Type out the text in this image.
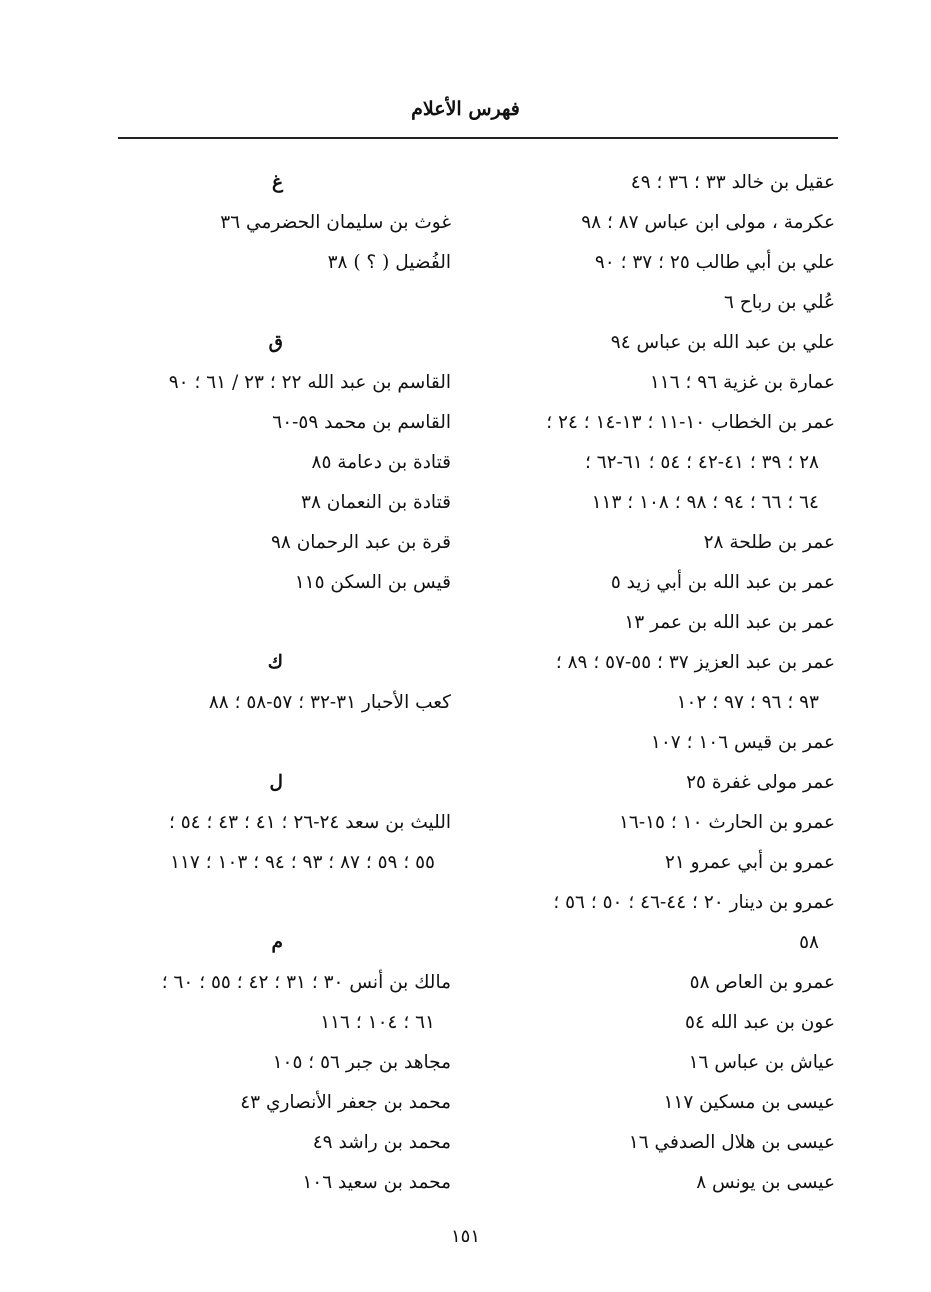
فهرس الأعلام
عقيل بن خالد ٣٣ ؛ ٣٦ ؛ ٤٩
عكرمة ، مولى ابن عباس ٨٧ ؛ ٩٨
علي بن أبي طالب ٢٥ ؛ ٣٧ ؛ ٩٠
عُلي بن رباح ٦
علي بن عبد الله بن عباس ٩٤
عمارة بن غزية ٩٦ ؛ ١١٦
عمر بن الخطاب ١٠-١١ ؛ ١٣-١٤ ؛ ٢٤ ؛
٢٨ ؛ ٣٩ ؛ ٤١-٤٢ ؛ ٥٤ ؛ ٦١-٦٢ ؛
٦٤ ؛ ٦٦ ؛ ٩٤ ؛ ٩٨ ؛ ١٠٨ ؛ ١١٣
عمر بن طلحة ٢٨
عمر بن عبد الله بن أبي زيد ٥
عمر بن عبد الله بن عمر ١٣
عمر بن عبد العزيز ٣٧ ؛ ٥٥-٥٧ ؛ ٨٩ ؛
٩٣ ؛ ٩٦ ؛ ٩٧ ؛ ١٠٢
عمر بن قيس ١٠٦ ؛ ١٠٧
عمر مولى غفرة ٢٥
عمرو بن الحارث ١٠ ؛ ١٥-١٦
عمرو بن أبي عمرو ٢١
عمرو بن دينار ٢٠ ؛ ٤٤-٤٦ ؛ ٥٠ ؛ ٥٦ ؛
٥٨
عمرو بن العاص ٥٨
عون بن عبد الله ٥٤
عياش بن عباس ١٦
عيسى بن مسكين ١١٧
عيسى بن هلال الصدفي ١٦
عيسى بن يونس ٨
غ
غوث بن سليمان الحضرمي ٣٦
الفُضيل ( ؟ ) ٣٨
ق
القاسم بن عبد الله ٢٢ ؛ ٢٣ / ٦١ ؛ ٩٠
القاسم بن محمد ٥٩-٦٠
قتادة بن دعامة ٨٥
قتادة بن النعمان ٣٨
قرة بن عبد الرحمان ٩٨
قيس بن السكن ١١٥
ك
كعب الأحبار ٣١-٣٢ ؛ ٥٧-٥٨ ؛ ٨٨
ل
الليث بن سعد ٢٤-٢٦ ؛ ٤١ ؛ ٤٣ ؛ ٥٤ ؛
٥٥ ؛ ٥٩ ؛ ٨٧ ؛ ٩٣ ؛ ٩٤ ؛ ١٠٣ ؛ ١١٧
م
مالك بن أنس ٣٠ ؛ ٣١ ؛ ٤٢ ؛ ٥٥ ؛ ٦٠ ؛
٦١ ؛ ١٠٤ ؛ ١١٦
مجاهد بن جبر ٥٦ ؛ ١٠٥
محمد بن جعفر الأنصاري ٤٣
محمد بن راشد ٤٩
محمد بن سعيد ١٠٦
١٥١
